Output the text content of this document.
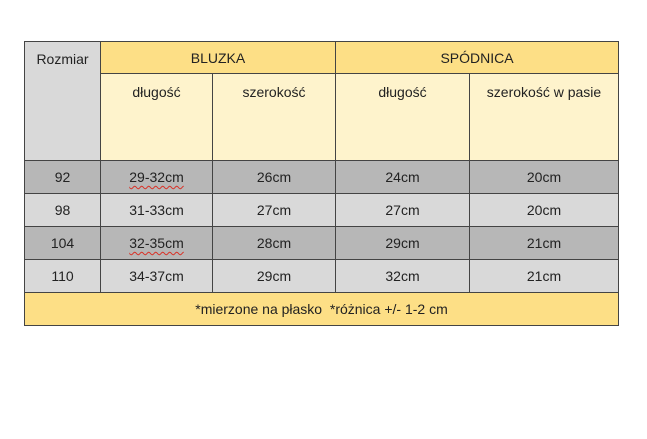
Rozmiar	BLUZKA		SPÓDNICA	
	długość	szerokość	długość	szerokość w pasie
92	29-32cm	26cm	24cm	20cm
98	31-33cm	27cm	27cm	20cm
104	32-35cm	28cm	29cm	21cm
110	34-37cm	29cm	32cm	21cm
*mierzone na płasko  *różnica +/- 1-2 cm				
